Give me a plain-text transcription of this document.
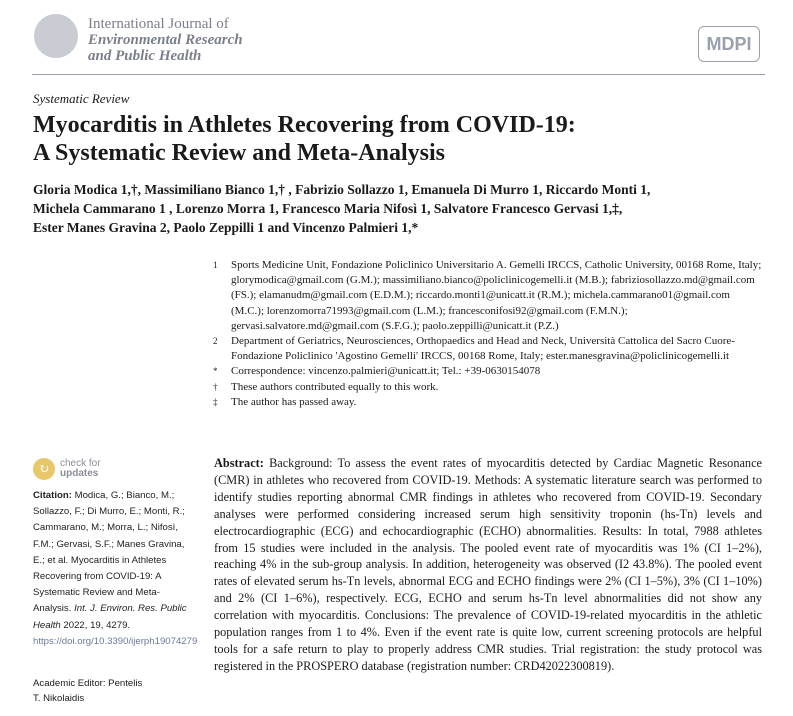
International Journal of
Environmental Research
and Public Health
MDPI
Systematic Review
Myocarditis in Athletes Recovering from COVID-19:
A Systematic Review and Meta-Analysis
Gloria Modica 1,†, Massimiliano Bianco 1,† , Fabrizio Sollazzo 1, Emanuela Di Murro 1, Riccardo Monti 1,
Michela Cammarano 1 , Lorenzo Morra 1, Francesco Maria Nifosì 1, Salvatore Francesco Gervasi 1,‡,
Ester Manes Gravina 2, Paolo Zeppilli 1 and Vincenzo Palmieri 1,*
1	Sports Medicine Unit, Fondazione Policlinico Universitario A. Gemelli IRCCS, Catholic University, 00168 Rome, Italy; glorymodica@gmail.com (G.M.); massimiliano.bianco@policlinicogemelli.it (M.B.); fabriziosollazzo.md@gmail.com (FS.); elamanudm@gmail.com (E.D.M.); riccardo.monti1@unicatt.it (R.M.); michela.cammarano01@gmail.com (M.C.); lorenzomorra71993@gmail.com (L.M.); francesconifosi92@gmail.com (F.M.N.); gervasi.salvatore.md@gmail.com (S.F.G.); paolo.zeppilli@unicatt.it (P.Z.)
2	Department of Geriatrics, Neurosciences, Orthopaedics and Head and Neck, Università Cattolica del Sacro Cuore-Fondazione Policlinico 'Agostino Gemelli' IRCCS, 00168 Rome, Italy; ester.manesgravina@policlinicogemelli.it
*	Correspondence: vincenzo.palmieri@unicatt.it; Tel.: +39-0630154078
†	These authors contributed equally to this work.
‡	The author has passed away.
↻	check for
updates
Citation: Modica, G.; Bianco, M.; Sollazzo, F.; Di Murro, E.; Monti, R.; Cammarano, M.; Morra, L.; Nifosì, F.M.; Gervasi, S.F.; Manes Gravina, E.; et al. Myocarditis in Athletes Recovering from COVID-19: A Systematic Review and Meta-Analysis. Int. J. Environ. Res. Public Health 2022, 19, 4279. https://doi.org/10.3390/ijerph19074279
Academic Editor: Pentelis
T. Nikolaidis
Abstract: Background: To assess the event rates of myocarditis detected by Cardiac Magnetic Resonance (CMR) in athletes who recovered from COVID-19. Methods: A systematic literature search was performed to identify studies reporting abnormal CMR findings in athletes who recovered from COVID-19. Secondary analyses were performed considering increased serum high sensitivity troponin (hs-Tn) levels and electrocardiographic (ECG) and echocardiographic (ECHO) abnormalities. Results: In total, 7988 athletes from 15 studies were included in the analysis. The pooled event rate of myocarditis was 1% (CI 1–2%), reaching 4% in the sub-group analysis. In addition, heterogeneity was observed (I2 43.8%). The pooled event rates of elevated serum hs-Tn levels, abnormal ECG and ECHO findings were 2% (CI 1–5%), 3% (CI 1–10%) and 2% (CI 1–6%), respectively. ECG, ECHO and serum hs-Tn level abnormalities did not show any correlation with myocarditis. Conclusions: The prevalence of COVID-19-related myocarditis in the athletic population ranges from 1 to 4%. Even if the event rate is quite low, current screening protocols are helpful tools for a safe return to play to properly address CMR studies. Trial registration: the study protocol was registered in the PROSPERO database (registration number: CRD42022300819).
